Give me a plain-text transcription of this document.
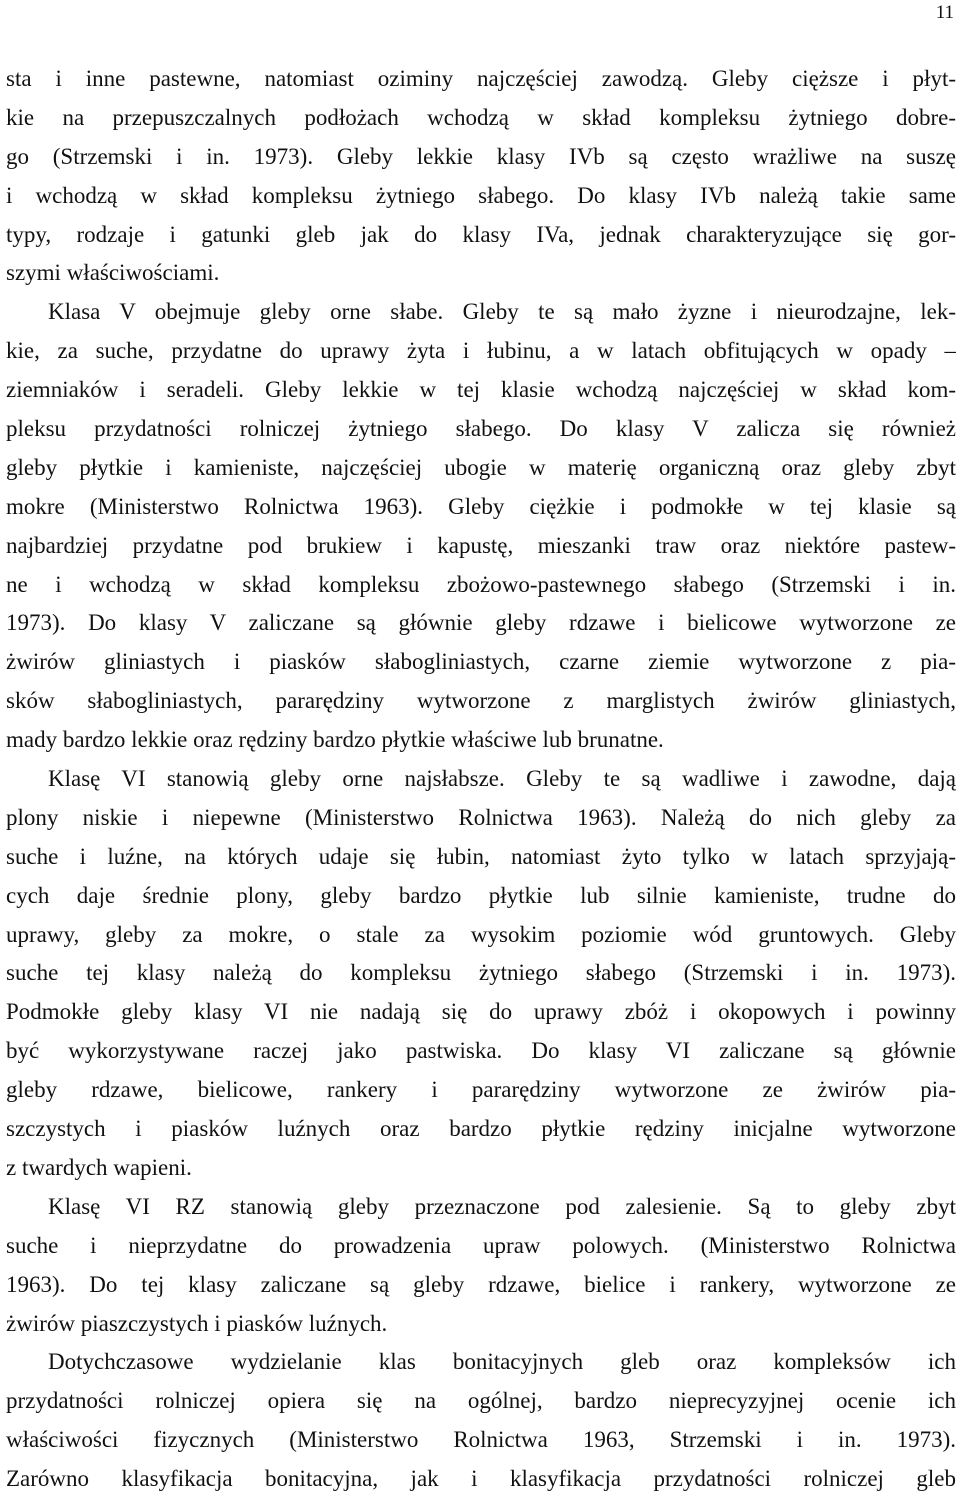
11
sta i inne pastewne, natomiast oziminy najczęściej zawodzą. Gleby cięższe i płyt-
kie na przepuszczalnych podłożach wchodzą w skład kompleksu żytniego dobre-
go (Strzemski i in. 1973). Gleby lekkie klasy IVb są często wrażliwe na suszę
i wchodzą w skład kompleksu żytniego słabego. Do klasy IVb należą takie same
typy, rodzaje i gatunki gleb jak do klasy IVa, jednak charakteryzujące się gor-
szymi właściwościami.
Klasa V obejmuje gleby orne słabe. Gleby te są mało żyzne i nieurodzajne, lek-
kie, za suche, przydatne do uprawy żyta i łubinu, a w latach obfitujących w opady –
ziemniaków i seradeli. Gleby lekkie w tej klasie wchodzą najczęściej w skład kom-
pleksu przydatności rolniczej żytniego słabego. Do klasy V zalicza się również
gleby płytkie i kamieniste, najczęściej ubogie w materię organiczną oraz gleby zbyt
mokre (Ministerstwo Rolnictwa 1963). Gleby ciężkie i podmokłe w tej klasie są
najbardziej przydatne pod brukiew i kapustę, mieszanki traw oraz niektóre pastew-
ne i wchodzą w skład kompleksu zbożowo-pastewnego słabego (Strzemski i in.
1973). Do klasy V zaliczane są głównie gleby rdzawe i bielicowe wytworzone ze
żwirów gliniastych i piasków słabogliniastych, czarne ziemie wytworzone z pia-
sków słabogliniastych, pararędziny wytworzone z marglistych żwirów gliniastych,
mady bardzo lekkie oraz rędziny bardzo płytkie właściwe lub brunatne.
Klasę VI stanowią gleby orne najsłabsze. Gleby te są wadliwe i zawodne, dają
plony niskie i niepewne (Ministerstwo Rolnictwa 1963). Należą do nich gleby za
suche i luźne, na których udaje się łubin, natomiast żyto tylko w latach sprzyjają-
cych daje średnie plony, gleby bardzo płytkie lub silnie kamieniste, trudne do
uprawy, gleby za mokre, o stale za wysokim poziomie wód gruntowych. Gleby
suche tej klasy należą do kompleksu żytniego słabego (Strzemski i in. 1973).
Podmokłe gleby klasy VI nie nadają się do uprawy zbóż i okopowych i powinny
być wykorzystywane raczej jako pastwiska. Do klasy VI zaliczane są głównie
gleby rdzawe, bielicowe, rankery i pararędziny wytworzone ze żwirów pia-
szczystych i piasków luźnych oraz bardzo płytkie rędziny inicjalne wytworzone
z twardych wapieni.
Klasę VI RZ stanowią gleby przeznaczone pod zalesienie. Są to gleby zbyt
suche i nieprzydatne do prowadzenia upraw polowych. (Ministerstwo Rolnictwa
1963). Do tej klasy zaliczane są gleby rdzawe, bielice i rankery, wytworzone ze
żwirów piaszczystych i piasków luźnych.
Dotychczasowe wydzielanie klas bonitacyjnych gleb oraz kompleksów ich
przydatności rolniczej opiera się na ogólnej, bardzo nieprecyzyjnej ocenie ich
właściwości fizycznych (Ministerstwo Rolnictwa 1963, Strzemski i in. 1973).
Zarówno klasyfikacja bonitacyjna, jak i klasyfikacja przydatności rolniczej gleb
